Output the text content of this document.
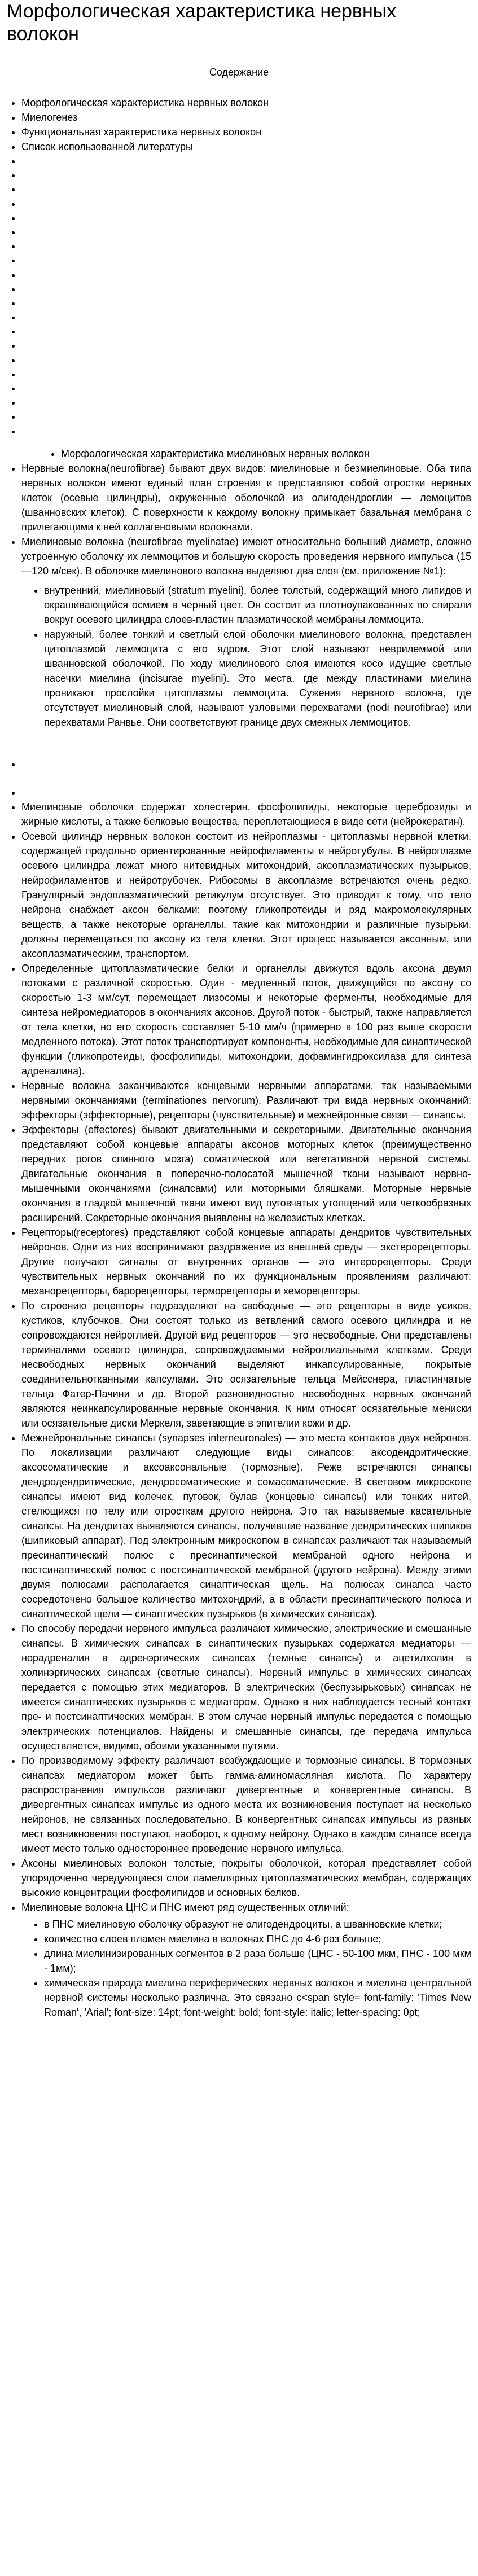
Морфологическая характеристика нервных волокон
Содержание
• Морфологическая характеристика нервных волокон
• Миелогенез
• Функциональная характеристика нервных волокон
• Список использованной литературы
•
•
•
•
•
•
•
•
•
•
•
•
•
•
•
•
•
•
•
•
• Морфологическая характеристика миелиновых нервных волокон
• Нервные волокна(neurofibrae) бывают двух видов: миелиновые и безмиелиновые. Оба типа нервных волокон имеют единый план строения и представляют собой отростки нервных клеток (осевые цилиндры), окруженные оболочкой из олигодендроглии — лемоцитов (шванновских клеток). С поверхности к каждому волокну примыкает базальная мембрана с прилегающими к ней коллагеновыми волокнами.
• Миелиновые волокна (neurofibrae myelinatae) имеют относительно больший диаметр, сложно устроенную оболочку их леммоцитов и большую скорость проведения нервного импульса (15—120 м/сек). В оболочке миелинового волокна выделяют два слоя (см. приложение №1):
• внутренний, миелиновый (stratum myelini), более толстый, содержащий много липидов и окрашивающийся осмием в черный цвет. Он состоит из плотноупакованных по спирали вокруг осевого цилиндра слоев-пластин плазматической мембраны леммоцита.
• наружный, более тонкий и светлый слой оболочки миелинового волокна, представлен цитоплазмой леммоцита с его ядром. Этот слой называют неврилеммой или шванновской оболочкой. По ходу миелинового слоя имеются косо идущие светлые насечки миелина (incisurae myelini). Это места, где между пластинами миелина проникают прослойки цитоплазмы леммоцита. Сужения нервного волокна, где отсутствует миелиновый слой, называют узловыми перехватами (nodi neurofibrae) или перехватами Ранвье. Они соответствуют границе двух смежных леммоцитов.
•
•
• Миелиновые оболочки содержат холестерин, фосфолипиды, некоторые цереброзиды и жирные кислоты, а также белковые вещества, переплетающиеся в виде сети (нейрокератин).
• Осевой цилиндр нервных волокон состоит из нейроплазмы - цитоплазмы нервной клетки, содержащей продольно ориентированные нейрофиламенты и нейротубулы. В нейроплазме осевого цилиндра лежат много нитевидных митохондрий, аксоплазматических пузырьков, нейрофиламентов и нейротрубочек. Рибосомы в аксоплазме встречаются очень редко. Гранулярный эндоплазматический ретикулум отсутствует. Это приводит к тому, что тело нейрона снабжает аксон белками; поэтому гликопротеиды и ряд макромолекулярных веществ, а также некоторые органеллы, такие как митохондрии и различные пузырьки, должны перемещаться по аксону из тела клетки. Этот процесс называется аксонным, или аксоплазматическим, транспортом.
• Определенные цитоплазматические белки и органеллы движутся вдоль аксона двумя потоками с различной скоростью. Один - медленный поток, движущийся по аксону со скоростью 1-3 мм/сут, перемещает лизосомы и некоторые ферменты, необходимые для синтеза нейромедиаторов в окончаниях аксонов. Другой поток - быстрый, также направляется от тела клетки, но его скорость составляет 5-10 мм/ч (примерно в 100 раз выше скорости медленного потока). Этот поток транспортирует компоненты, необходимые для синаптической функции (гликопротеиды, фосфолипиды, митохондрии, дофамингидроксилаза для синтеза адреналина).
• Нервные волокна заканчиваются концевыми нервными аппаратами, так называемыми нервными окончаниями (terminationes nervorum). Различают три вида нервных окончаний: эффекторы (эффекторные), рецепторы (чувствительные) и межнейронные связи — синапсы.
• Эффекторы (effectores) бывают двигательными и секреторными. Двигательные окончания представляют собой концевые аппараты аксонов моторных клеток (преимущественно передних рогов спинного мозга) соматической или вегетативной нервной системы. Двигательные окончания в поперечно-полосатой мышечной ткани называют нервно-мышечными окончаниями (синапсами) или моторными бляшками. Моторные нервные окончания в гладкой мышечной ткани имеют вид пуговчатых утолщений или четкообразных расширений. Секреторные окончания выявлены на железистых клетках.
• Рецепторы(receptores) представляют собой концевые аппараты дендритов чувствительных нейронов. Одни из них воспринимают раздражение из внешней среды — экстерорецепторы. Другие получают сигналы от внутренних органов — это интерорецепторы. Среди чувствительных нервных окончаний по их функциональным проявлениям различают: механорецепторы, барорецепторы, терморецепторы и хеморецепторы.
• По строению рецепторы подразделяют на свободные — это рецепторы в виде усиков, кустиков, клубочков. Они состоят только из ветвлений самого осевого цилиндра и не сопровождаются нейроглией. Другой вид рецепторов — это несвободные. Они представлены терминалями осевого цилиндра, сопровождаемыми нейроглиальными клетками. Среди несвободных нервных окончаний выделяют инкапсулированные, покрытые соединительнотканными капсулами. Это осязательные тельца Мейсснера, пластинчатые тельца Фатер-Пачини и др. Второй разновидностью несвободных нервных окончаний являются неинкапсулированные нервные окончания. К ним относят осязательные мениски или осязательные диски Меркеля, заветающие в эпителии кожи и др.
• Межнейрональные синапсы (synapses interneuronales) — это места контактов двух нейронов. По локализации различают следующие виды синапсов: аксодендритические, аксосоматические и аксоаксональные (тормозные). Реже встречаются синапсы дендродендритические, дендросоматические и сомасоматические. В световом микроскопе синапсы имеют вид колечек, пуговок, булав (концевые синапсы) или тонких нитей, стелющихся по телу или отросткам другого нейрона. Это так называемые касательные синапсы. На дендритах выявляются синапсы, получившие название дендритических шипиков (шипиковый аппарат). Под электронным микроскопом в синапсах различают так называемый пресинаптический полюс с пресинаптической мембраной одного нейрона и постсинаптический полюс с постсинаптической мембраной (другого нейрона). Между этими двумя полюсами располагается синаптическая щель. На полюсах синапса часто сосредоточено большое количество митохондрий, а в области пресинаптического полюса и синаптической щели — синаптических пузырьков (в химических синапсах).
• По способу передачи нервного импульса различают химические, электрические и смешанные синапсы. В химических синапсах в синаптических пузырьках содержатся медиаторы — норадреналин в адренэргических синапсах (темные синапсы) и ацетилхолин в холинэргических синапсах (светлые синапсы). Нервный импульс в химических синапсах передается с помощью этих медиаторов. В электрических (беспузырьковых) синапсах не имеется синаптических пузырьков с медиатором. Однако в них наблюдается тесный контакт пре- и постсинаптических мембран. В этом случае нервный импульс передается с помощью электрических потенциалов. Найдены и смешанные синапсы, где передача импульса осуществляется, видимо, обоими указанными путями.
• По производимому эффекту различают возбуждающие и тормозные синапсы. В тормозных синапсах медиатором может быть гамма-аминомасляная кислота. По характеру распространения импульсов различают дивергентные и конвергентные синапсы. В дивергентных синапсах импульс из одного места их возникновения поступает на несколько нейронов, не связанных последовательно. В конвергентных синапсах импульсы из разных мест возникновения поступают, наоборот, к одному нейрону. Однако в каждом синапсе всегда имеет место только одностороннее проведение нервного импульса.
• Аксоны миелиновых волокон толстые, покрыты оболочкой, которая представляет собой упорядоченно чередующиеся слои ламеллярных цитоплазматических мембран, содержащих высокие концентрации фосфолипидов и основных белков.
• Миелиновые волокна ЦНС и ПНС имеют ряд существенных отличий:
• в ПНС миелиновую оболочку образуют не олигодендроциты, а шванновские клетки;
• количество слоев пламен миелина в волокнах ПНС до 4-6 раз больше;
• длина миелинизированных сегментов в 2 раза больше (ЦНС - 50-100 мкм, ПНС - 100 мкм - 1мм);
• химическая природа миелина периферических нервных волокон и миелина центральной нервной системы несколько различна. Это связано с<span style= font-family: 'Times New Roman', 'Arial'; font-size: 14pt; font-weight: bold; font-style: italic; letter-spacing: 0pt;
